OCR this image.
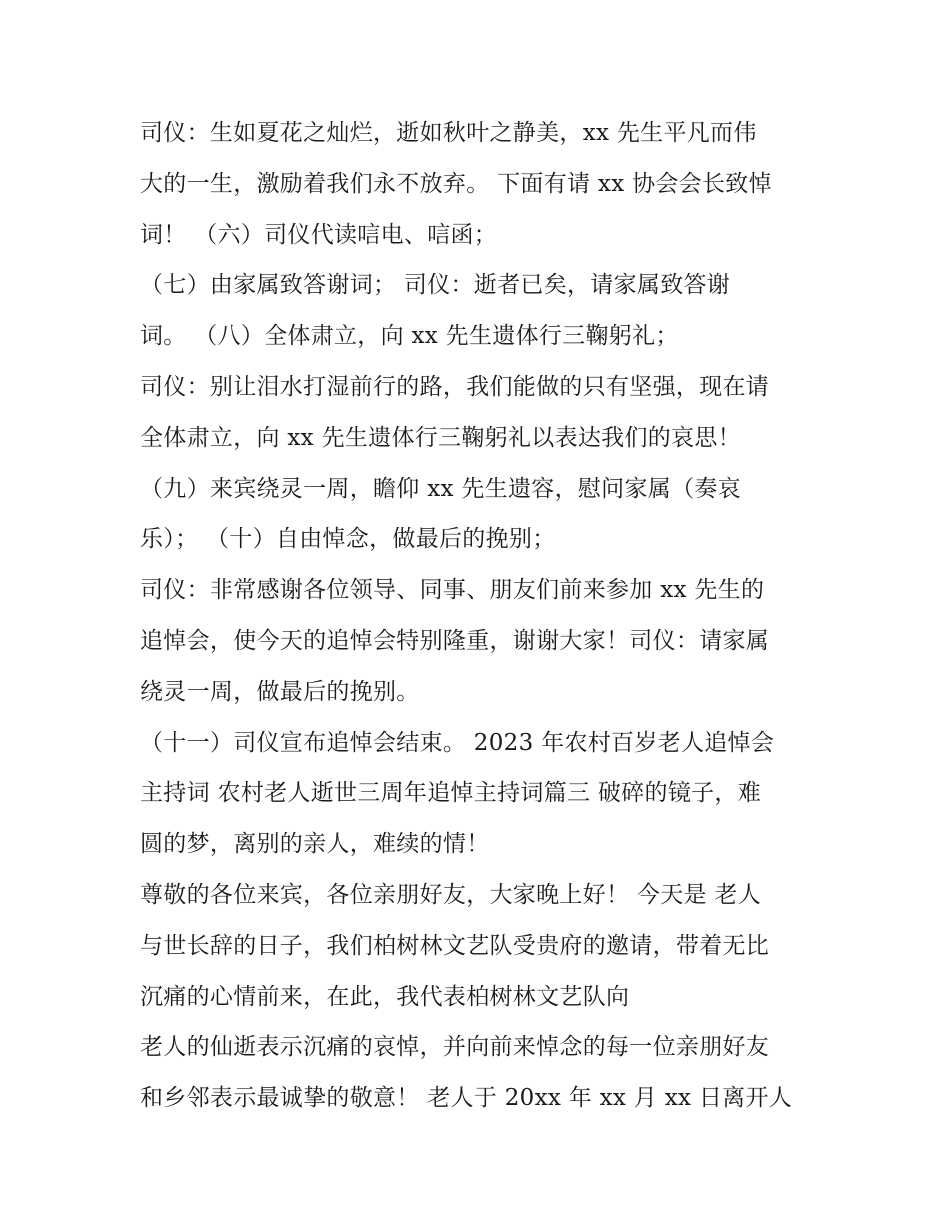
司仪：生如夏花之灿烂，逝如秋叶之静美，xx 先生平凡而伟
大的一生，激励着我们永不放弃。 下面有请 xx 协会会长致悼
词！ （六）司仪代读唁电、唁函；
（七）由家属致答谢词； 司仪：逝者已矣，请家属致答谢
词。 （八）全体肃立，向 xx 先生遗体行三鞠躬礼；
司仪：别让泪水打湿前行的路，我们能做的只有坚强，现在请
全体肃立，向 xx 先生遗体行三鞠躬礼以表达我们的哀思！
（九）来宾绕灵一周，瞻仰 xx 先生遗容，慰问家属（奏哀
乐）； （十）自由悼念，做最后的挽别；
司仪：非常感谢各位领导、同事、朋友们前来参加 xx 先生的
追悼会，使今天的追悼会特别隆重，谢谢大家！司仪：请家属
绕灵一周，做最后的挽别。
（十一）司仪宣布追悼会结束。 2023 年农村百岁老人追悼会
主持词 农村老人逝世三周年追悼主持词篇三 破碎的镜子，难
圆的梦，离别的亲人，难续的情！
尊敬的各位来宾，各位亲朋好友，大家晚上好！ 今天是 老人
与世长辞的日子，我们柏树林文艺队受贵府的邀请，带着无比
沉痛的心情前来，在此，我代表柏树林文艺队向
老人的仙逝表示沉痛的哀悼，并向前来悼念的每一位亲朋好友
和乡邻表示最诚挚的敬意！ 老人于 20xx 年 xx 月 xx 日离开人
